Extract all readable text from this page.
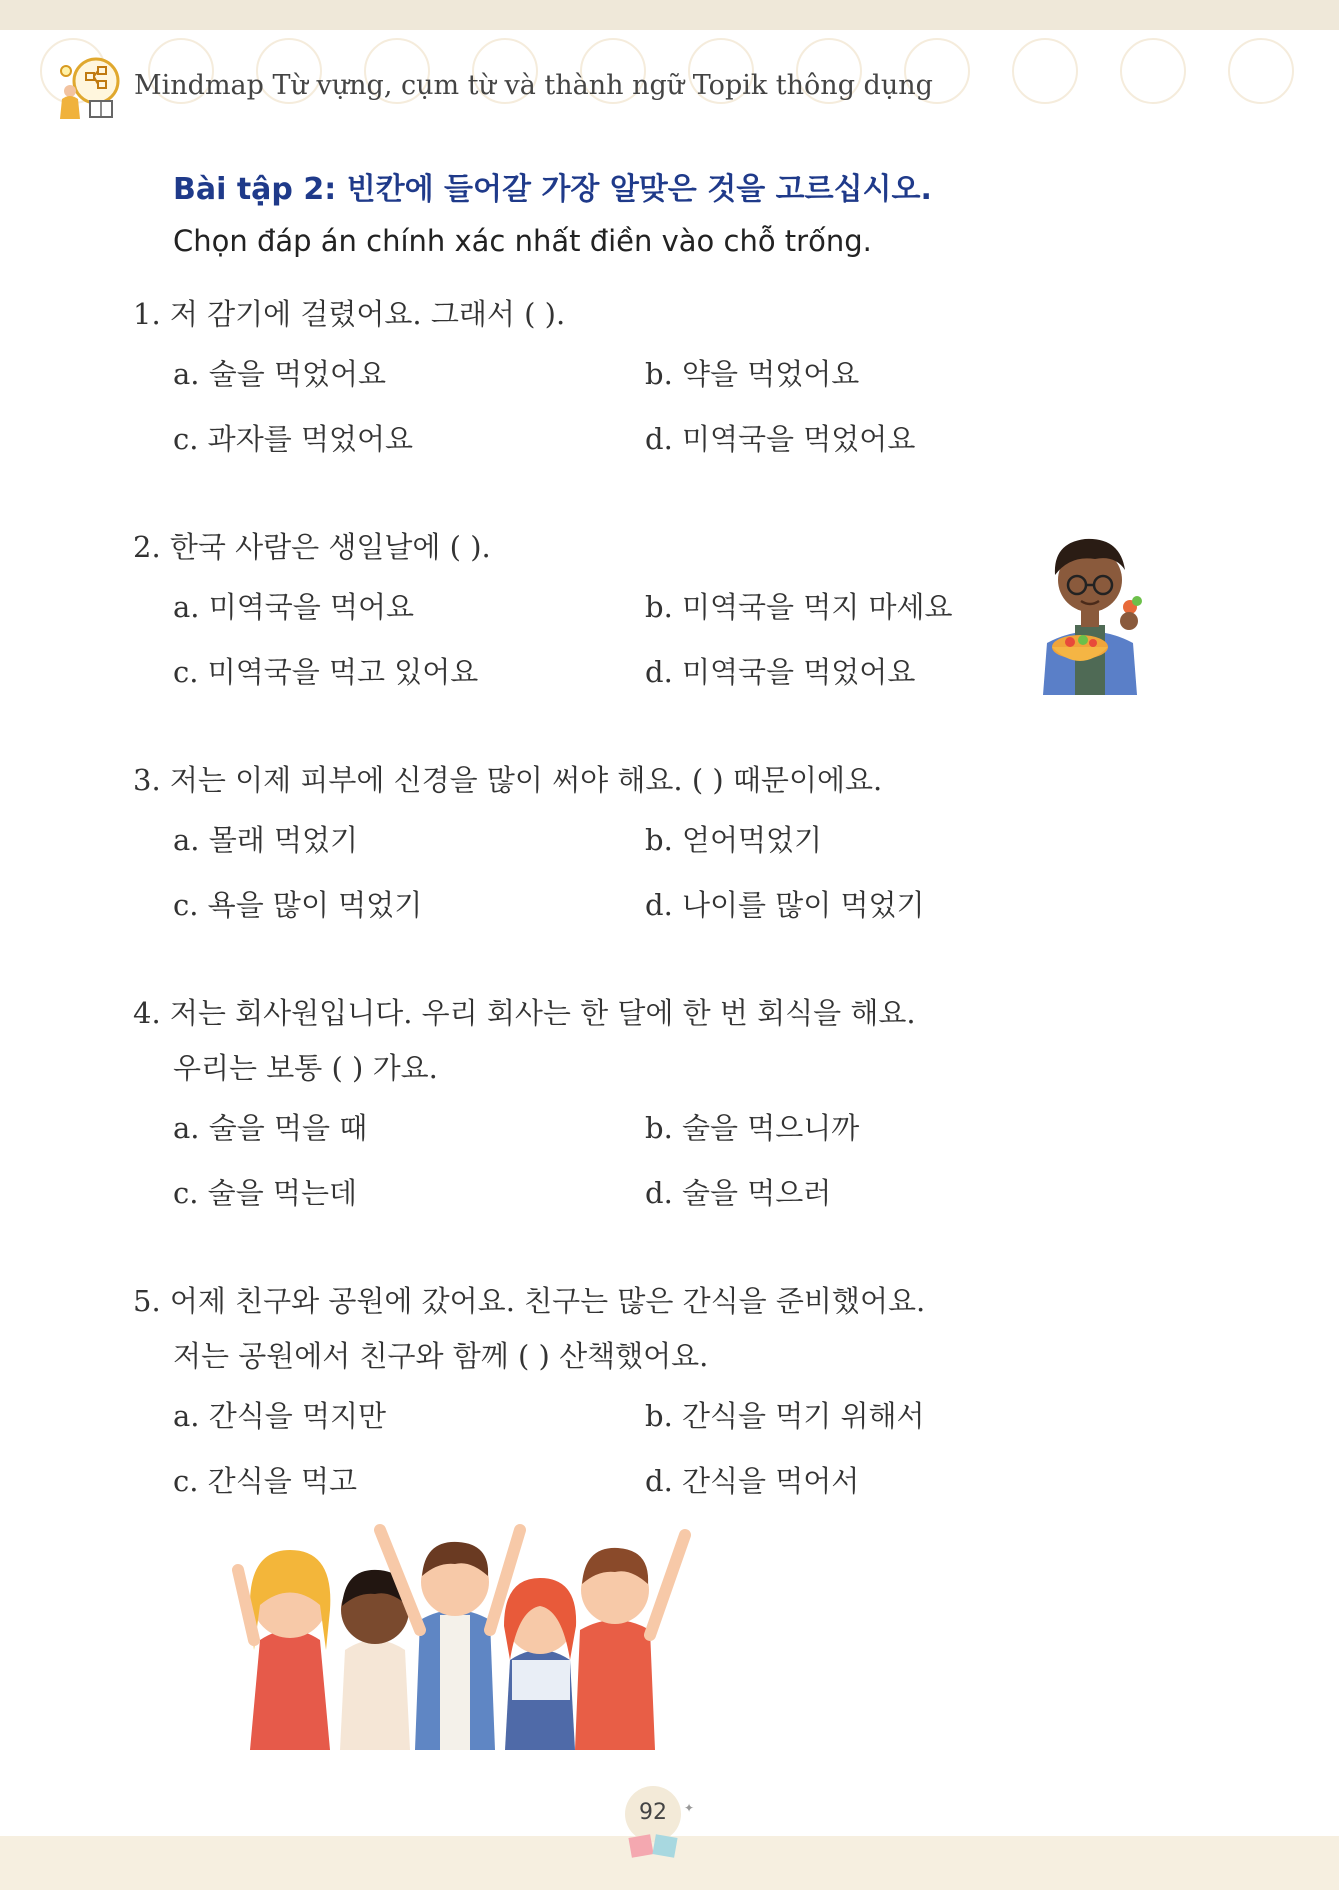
Mindmap Từ vựng, cụm từ và thành ngữ Topik thông dụng
Bài tập 2: 빈칸에 들어갈 가장 알맞은 것을 고르십시오.
Chọn đáp án chính xác nhất điền vào chỗ trống.
1. 저 감기에 걸렸어요. 그래서 ( ).
a. 술을 먹었어요	b. 약을 먹었어요
c. 과자를 먹었어요	d. 미역국을 먹었어요
2. 한국 사람은 생일날에 ( ).
a. 미역국을 먹어요	b. 미역국을 먹지 마세요
c. 미역국을 먹고 있어요	d. 미역국을 먹었어요
3. 저는 이제 피부에 신경을 많이 써야 해요. ( ) 때문이에요.
a. 몰래 먹었기	b. 얻어먹었기
c. 욕을 많이 먹었기	d. 나이를 많이 먹었기
4. 저는 회사원입니다. 우리 회사는 한 달에 한 번 회식을 해요.
우리는 보통 ( ) 가요.
a. 술을 먹을 때	b. 술을 먹으니까
c. 술을 먹는데	d. 술을 먹으러
5. 어제 친구와 공원에 갔어요. 친구는 많은 간식을 준비했어요.
저는 공원에서 친구와 함께 ( ) 산책했어요.
a. 간식을 먹지만	b. 간식을 먹기 위해서
c. 간식을 먹고	d. 간식을 먹어서
✦
92
